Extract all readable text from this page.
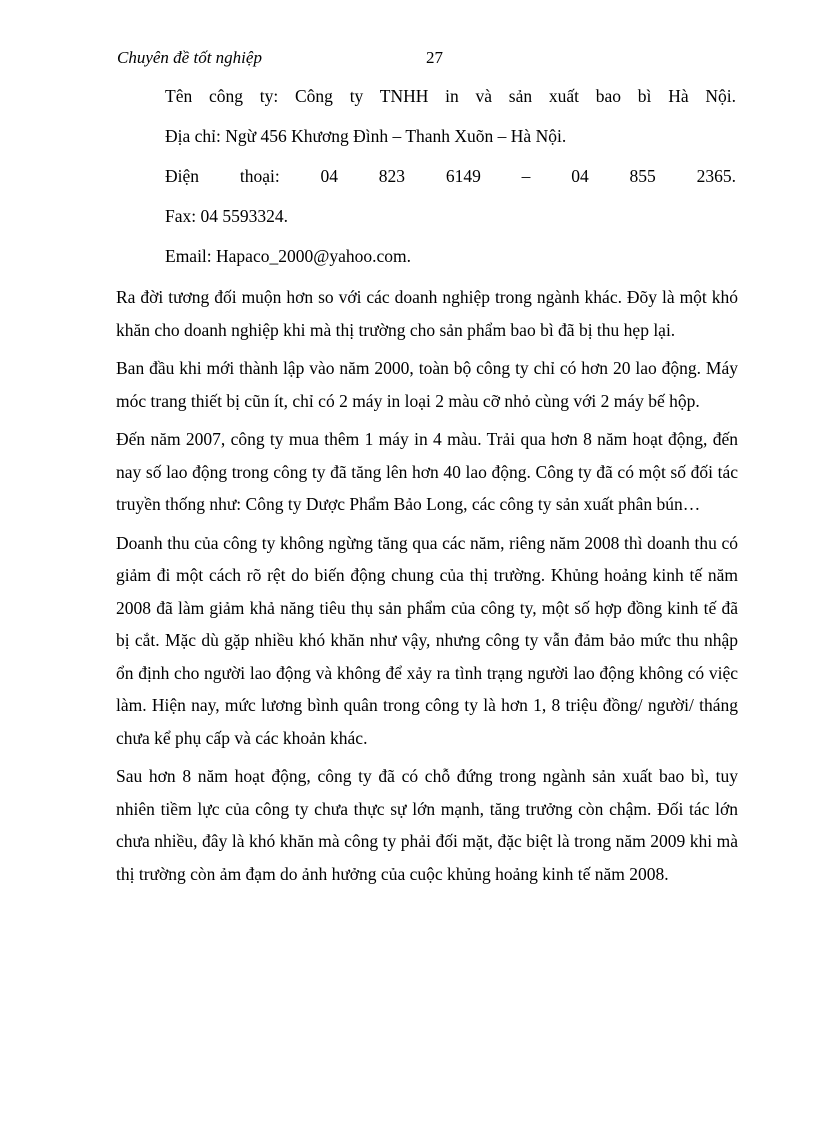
Chuyên đề tốt nghiệp	27
Tên công ty: Công ty TNHH in và sản xuất bao bì Hà Nội.
Địa chỉ: Ngừ 456 Khương Đình – Thanh Xuõn – Hà Nội.
Điện thoại: 04 823 6149 – 04 855 2365.
Fax: 04 5593324.
Email: Hapaco_2000@yahoo.com.

Ra đời tương đối muộn hơn so với các doanh nghiệp trong ngành khác. Đõy là một khó khăn cho doanh nghiệp khi mà thị trường cho sản phẩm bao bì đã bị thu hẹp lại.

Ban đầu khi mới thành lập vào năm 2000, toàn bộ công ty chỉ có hơn 20 lao động. Máy móc trang thiết bị cũn ít, chỉ có 2 máy in loại 2 màu cỡ nhỏ cùng với 2 máy bế hộp.

Đến năm 2007, công ty mua thêm 1 máy in 4 màu. Trải qua hơn 8 năm hoạt động, đến nay số lao động trong công ty đã tăng lên hơn 40 lao động. Công ty đã có một số đối tác truyền thống như: Công ty Dược Phẩm Bảo Long, các công ty sản xuất phân bún…

Doanh thu của công ty không ngừng tăng qua các năm, riêng năm 2008 thì doanh thu có giảm đi một cách rõ rệt do biến động chung của thị trường. Khủng hoảng kinh tế năm 2008 đã làm giảm khả năng tiêu thụ sản phẩm của công ty, một số hợp đồng kinh tế đã bị cắt. Mặc dù gặp nhiều khó khăn như vậy, nhưng công ty vẫn đảm bảo mức thu nhập ổn định cho người lao động và không để xảy ra tình trạng người lao động không có việc làm. Hiện nay, mức lương bình quân trong công ty là hơn 1, 8 triệu đồng/ người/ tháng chưa kể phụ cấp và các khoản khác.

Sau hơn 8 năm hoạt động, công ty đã có chỗ đứng trong ngành sản xuất bao bì, tuy nhiên tiềm lực của công ty chưa thực sự lớn mạnh, tăng trưởng còn chậm. Đối tác lớn chưa nhiều, đây là khó khăn mà công ty phải đối mặt, đặc biệt là trong năm 2009 khi mà thị trường còn ảm đạm do ảnh hưởng của cuộc khủng hoảng kinh tế năm 2008.
